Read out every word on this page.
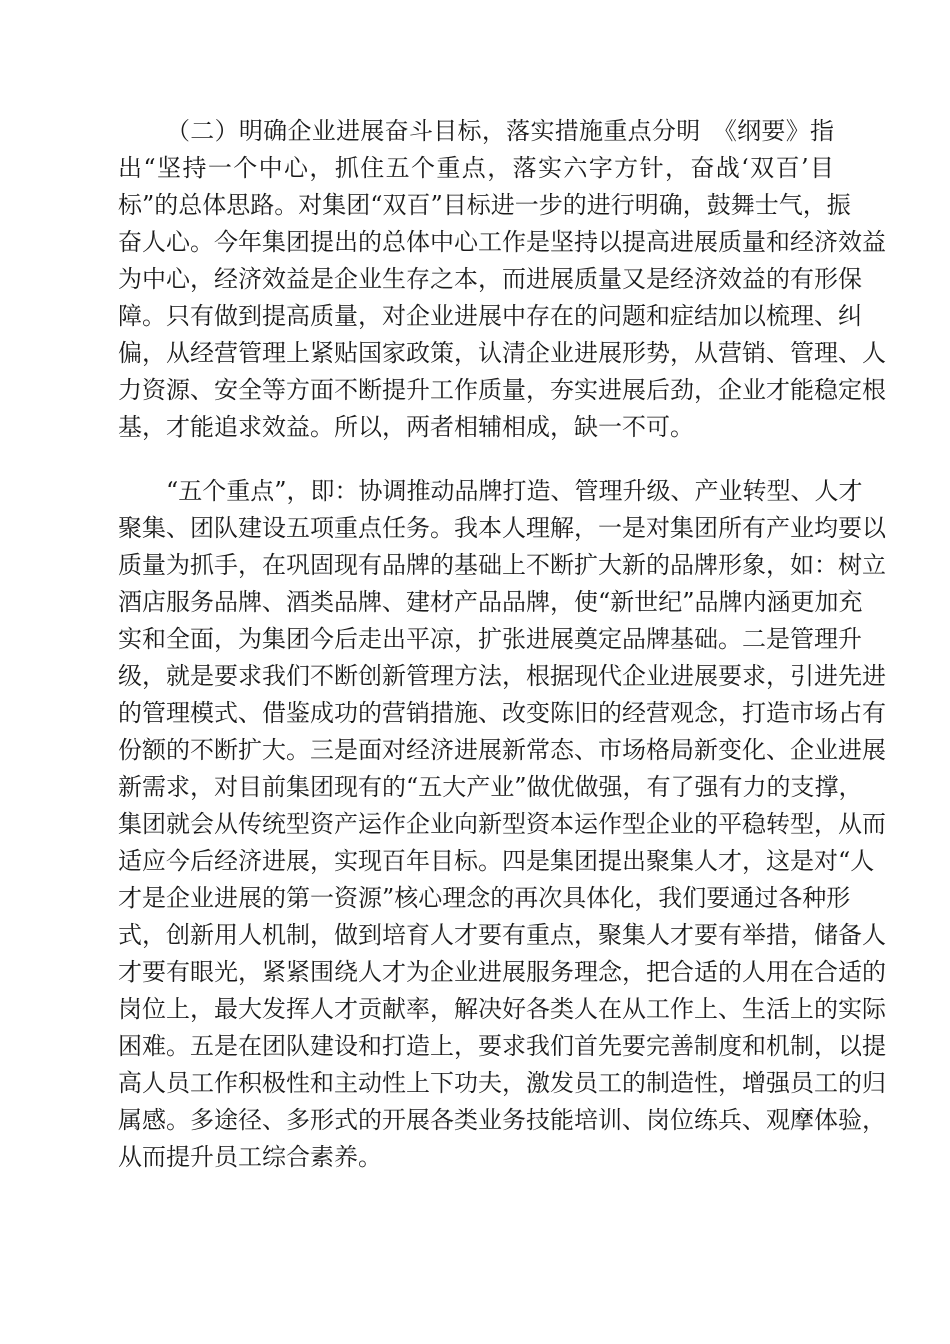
（二）明确企业进展奋斗目标，落实措施重点分明　《纲要》指

出“坚持一个中心，抓住五个重点，落实六字方针，奋战‘双百’目

标”的总体思路。对集团“双百”目标进一步的进行明确，鼓舞士气，振

奋人心。今年集团提出的总体中心工作是坚持以提高进展质量和经济效益

为中心，经济效益是企业生存之本，而进展质量又是经济效益的有形保

障。只有做到提高质量，对企业进展中存在的问题和症结加以梳理、纠

偏，从经营管理上紧贴国家政策，认清企业进展形势，从营销、管理、人

力资源、安全等方面不断提升工作质量，夯实进展后劲，企业才能稳定根

基，才能追求效益。所以，两者相辅相成，缺一不可。

“五个重点”，即：协调推动品牌打造、管理升级、产业转型、人才

聚集、团队建设五项重点任务。我本人理解，一是对集团所有产业均要以

质量为抓手，在巩固现有品牌的基础上不断扩大新的品牌形象，如：树立

酒店服务品牌、酒类品牌、建材产品品牌，使“新世纪”品牌内涵更加充

实和全面，为集团今后走出平凉，扩张进展奠定品牌基础。二是管理升

级，就是要求我们不断创新管理方法，根据现代企业进展要求，引进先进

的管理模式、借鉴成功的营销措施、改变陈旧的经营观念，打造市场占有

份额的不断扩大。三是面对经济进展新常态、市场格局新变化、企业进展

新需求，对目前集团现有的“五大产业”做优做强，有了强有力的支撑，

集团就会从传统型资产运作企业向新型资本运作型企业的平稳转型，从而

适应今后经济进展，实现百年目标。四是集团提出聚集人才，这是对“人

才是企业进展的第一资源”核心理念的再次具体化，我们要通过各种形

式，创新用人机制，做到培育人才要有重点，聚集人才要有举措，储备人

才要有眼光，紧紧围绕人才为企业进展服务理念，把合适的人用在合适的

岗位上，最大发挥人才贡献率，解决好各类人在从工作上、生活上的实际

困难。五是在团队建设和打造上，要求我们首先要完善制度和机制，以提

高人员工作积极性和主动性上下功夫，激发员工的制造性，增强员工的归

属感。多途径、多形式的开展各类业务技能培训、岗位练兵、观摩体验，

从而提升员工综合素养。
